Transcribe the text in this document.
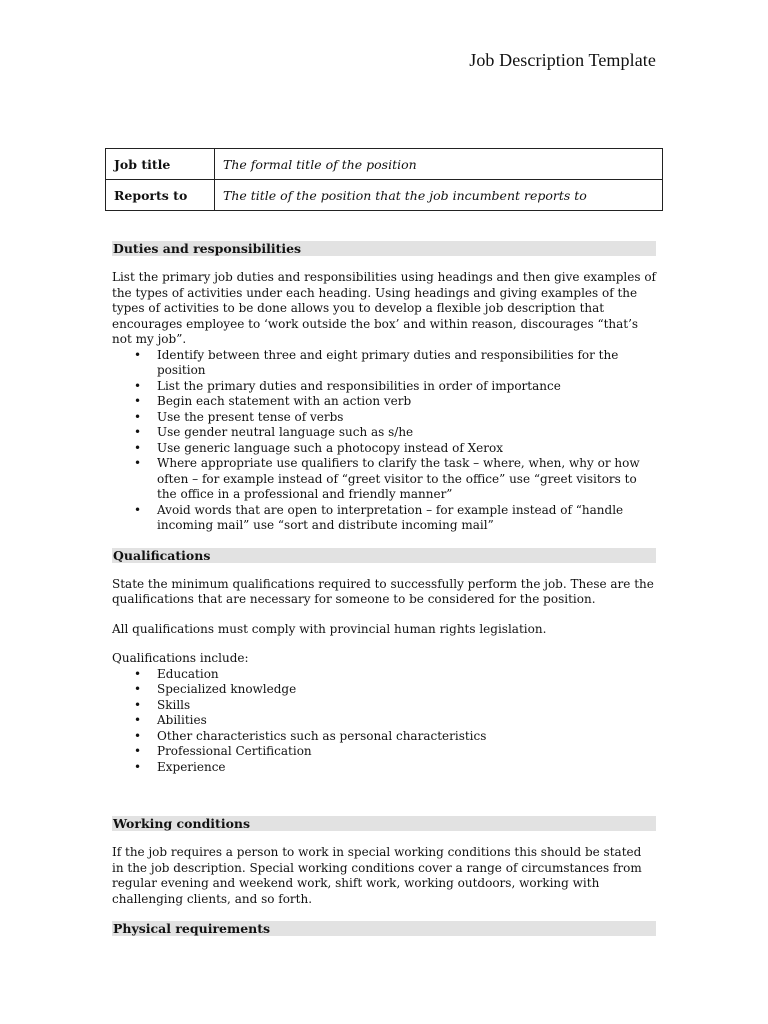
Job Description Template
Job title	The formal title of the position
Reports to	The title of the position that the job incumbent reports to
Duties and responsibilities

List the primary job duties and responsibilities using headings and then give examples of the types of activities under each heading. Using headings and giving examples of the types of activities to be done allows you to develop a flexible job description that encourages employee to ‘work outside the box’ and within reason, discourages “that’s not my job”.

• Identify between three and eight primary duties and responsibilities for the position
• List the primary duties and responsibilities in order of importance
• Begin each statement with an action verb
• Use the present tense of verbs
• Use gender neutral language such as s/he
• Use generic language such a photocopy instead of Xerox
• Where appropriate use qualifiers to clarify the task – where, when, why or how often – for example instead of “greet visitor to the office” use “greet visitors to the office in a professional and friendly manner”
• Avoid words that are open to interpretation – for example instead of “handle incoming mail” use “sort and distribute incoming mail”
Qualifications

State the minimum qualifications required to successfully perform the job. These are the qualifications that are necessary for someone to be considered for the position.

All qualifications must comply with provincial human rights legislation.

Qualifications include:

• Education
• Specialized knowledge
• Skills
• Abilities
• Other characteristics such as personal characteristics
• Professional Certification
• Experience
Working conditions

If the job requires a person to work in special working conditions this should be stated in the job description. Special working conditions cover a range of circumstances from regular evening and weekend work, shift work, working outdoors, working with challenging clients, and so forth.

Physical requirements
